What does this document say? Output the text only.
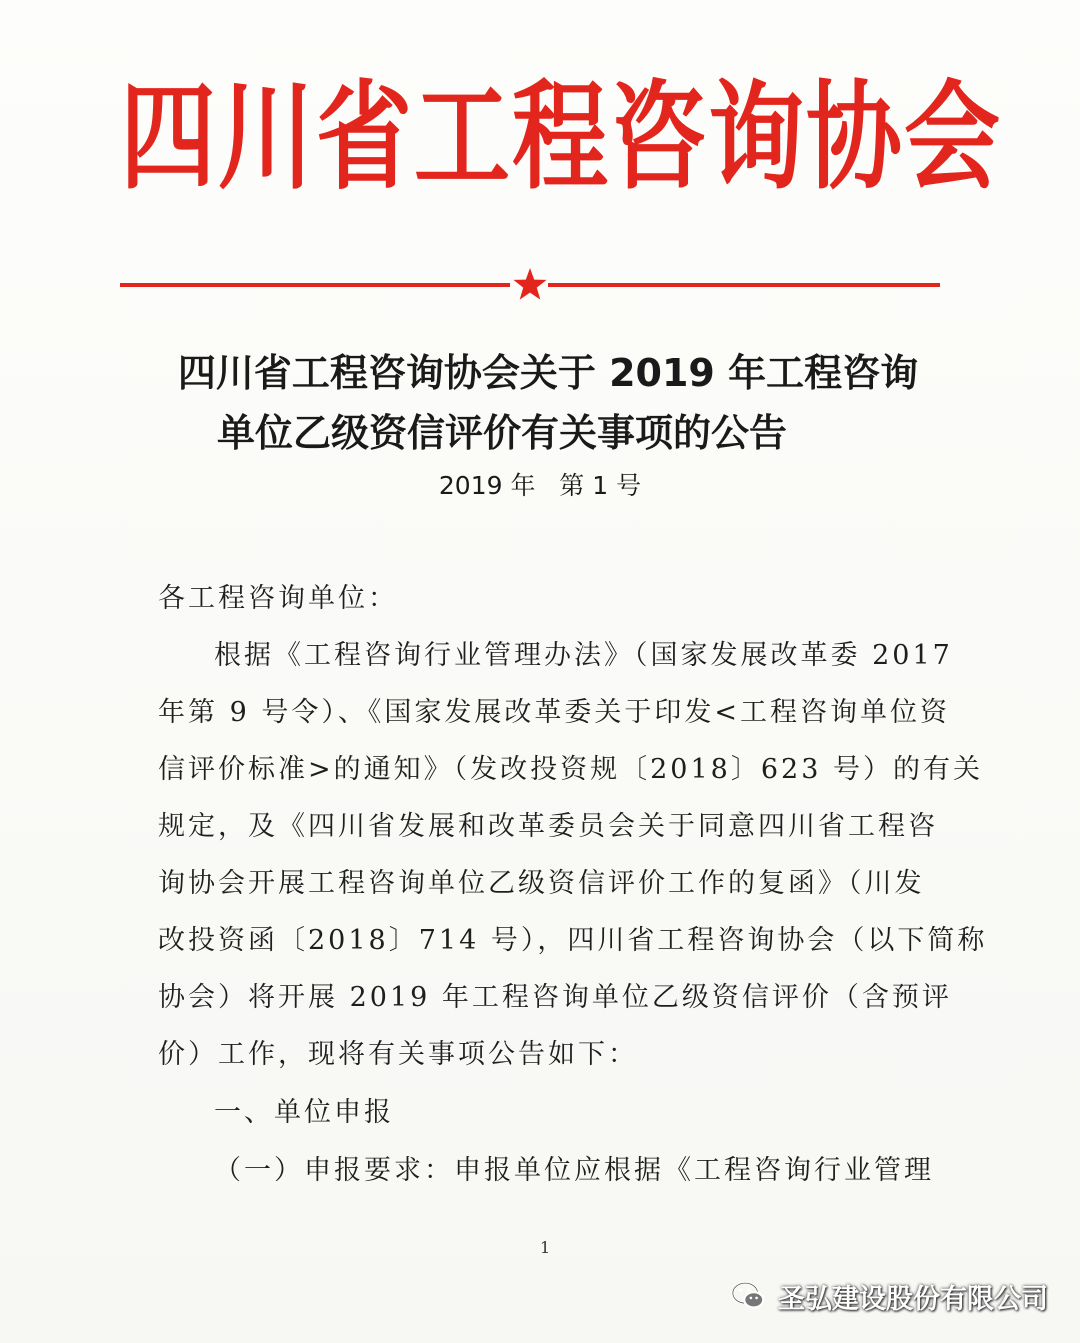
四川省工程咨询协会
四川省工程咨询协会关于 2019 年工程咨询
单位乙级资信评价有关事项的公告
2019 年   第 1 号
各工程咨询单位：
根据《工程咨询行业管理办法》（国家发展改革委 2017
年第 9 号令）、《国家发展改革委关于印发<工程咨询单位资
信评价标准>的通知》（发改投资规〔2018〕623 号）的有关
规定，及《四川省发展和改革委员会关于同意四川省工程咨
询协会开展工程咨询单位乙级资信评价工作的复函》（川发
改投资函〔2018〕714 号），四川省工程咨询协会（以下简称
协会）将开展 2019 年工程咨询单位乙级资信评价（含预评
价）工作，现将有关事项公告如下：
一、单位申报
（一）申报要求：申报单位应根据《工程咨询行业管理
1
圣弘建设股份有限公司
